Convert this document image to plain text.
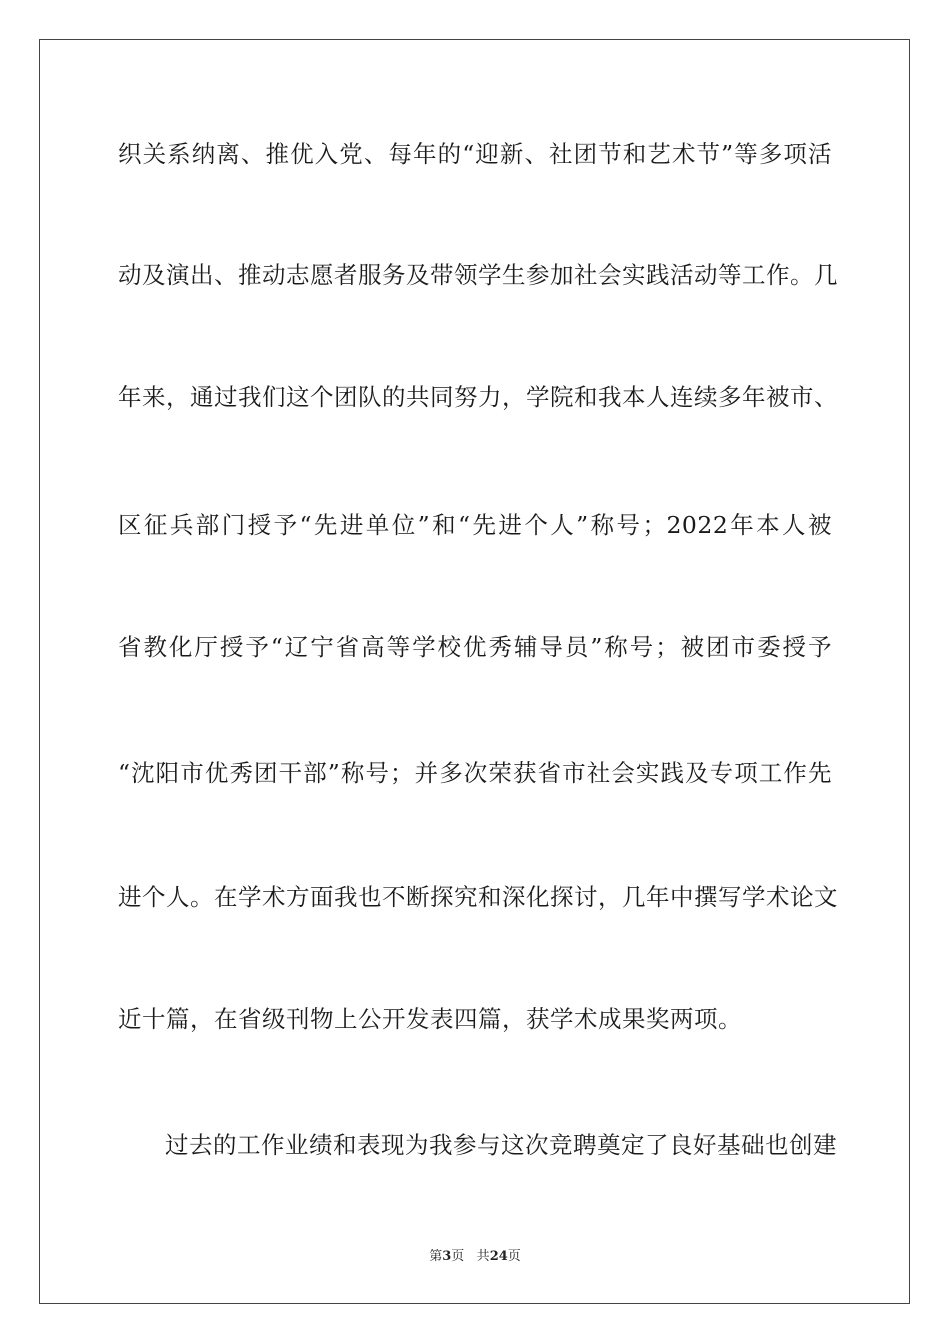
织关系纳离、推优入党、每年的“迎新、社团节和艺术节”等多项活
动及演出、推动志愿者服务及带领学生参加社会实践活动等工作。几
年来，通过我们这个团队的共同努力，学院和我本人连续多年被市、
区征兵部门授予“先进单位”和“先进个人”称号；2022年本人被
省教化厅授予“辽宁省高等学校优秀辅导员”称号；被团市委授予
“沈阳市优秀团干部”称号；并多次荣获省市社会实践及专项工作先
进个人。在学术方面我也不断探究和深化探讨，几年中撰写学术论文
近十篇，在省级刊物上公开发表四篇，获学术成果奖两项。
过去的工作业绩和表现为我参与这次竞聘奠定了良好基础也创建
第3页 共24页
